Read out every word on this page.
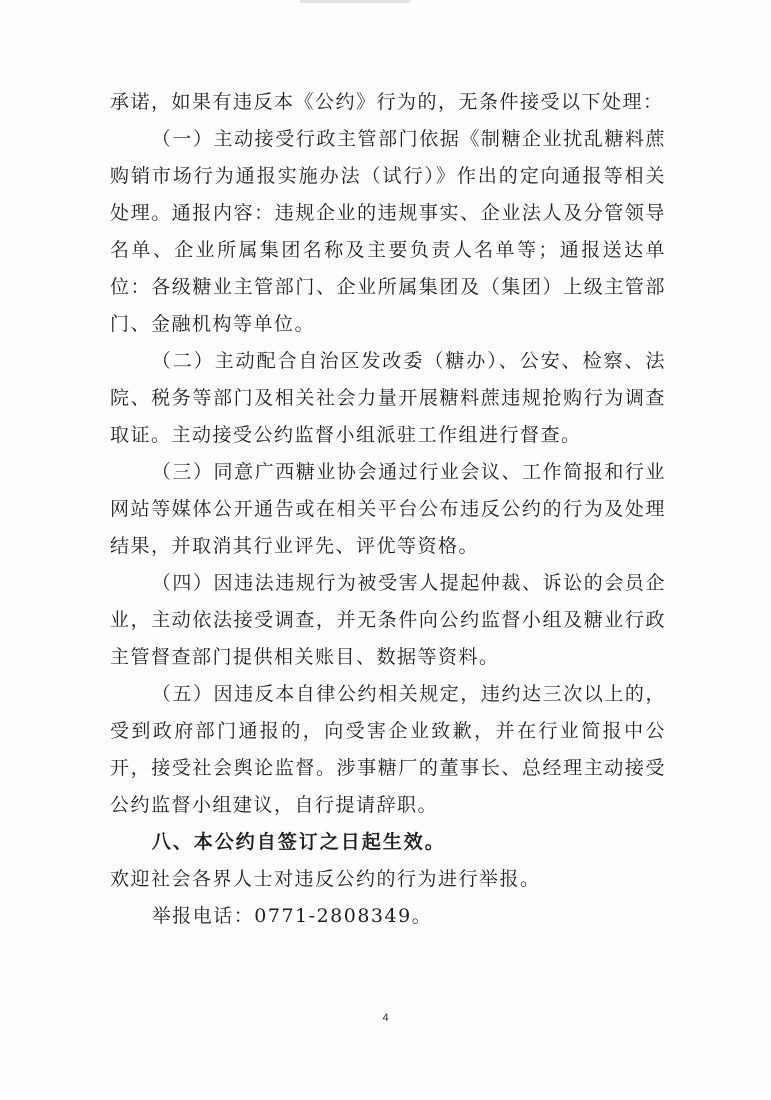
承诺，如果有违反本《公约》行为的，无条件接受以下处理：

（一）主动接受行政主管部门依据《制糖企业扰乱糖料蔗购销市场行为通报实施办法（试行）》作出的定向通报等相关处理。通报内容：违规企业的违规事实、企业法人及分管领导名单、企业所属集团名称及主要负责人名单等；通报送达单位：各级糖业主管部门、企业所属集团及（集团）上级主管部门、金融机构等单位。

（二）主动配合自治区发改委（糖办）、公安、检察、法院、税务等部门及相关社会力量开展糖料蔗违规抢购行为调查取证。主动接受公约监督小组派驻工作组进行督查。

（三）同意广西糖业协会通过行业会议、工作简报和行业网站等媒体公开通告或在相关平台公布违反公约的行为及处理结果，并取消其行业评先、评优等资格。

（四）因违法违规行为被受害人提起仲裁、诉讼的会员企业，主动依法接受调查，并无条件向公约监督小组及糖业行政主管督查部门提供相关账目、数据等资料。

（五）因违反本自律公约相关规定，违约达三次以上的，受到政府部门通报的，向受害企业致歉，并在行业简报中公开，接受社会舆论监督。涉事糖厂的董事长、总经理主动接受公约监督小组建议，自行提请辞职。

八、本公约自签订之日起生效。

欢迎社会各界人士对违反公约的行为进行举报。

举报电话：0771-2808349。

4
